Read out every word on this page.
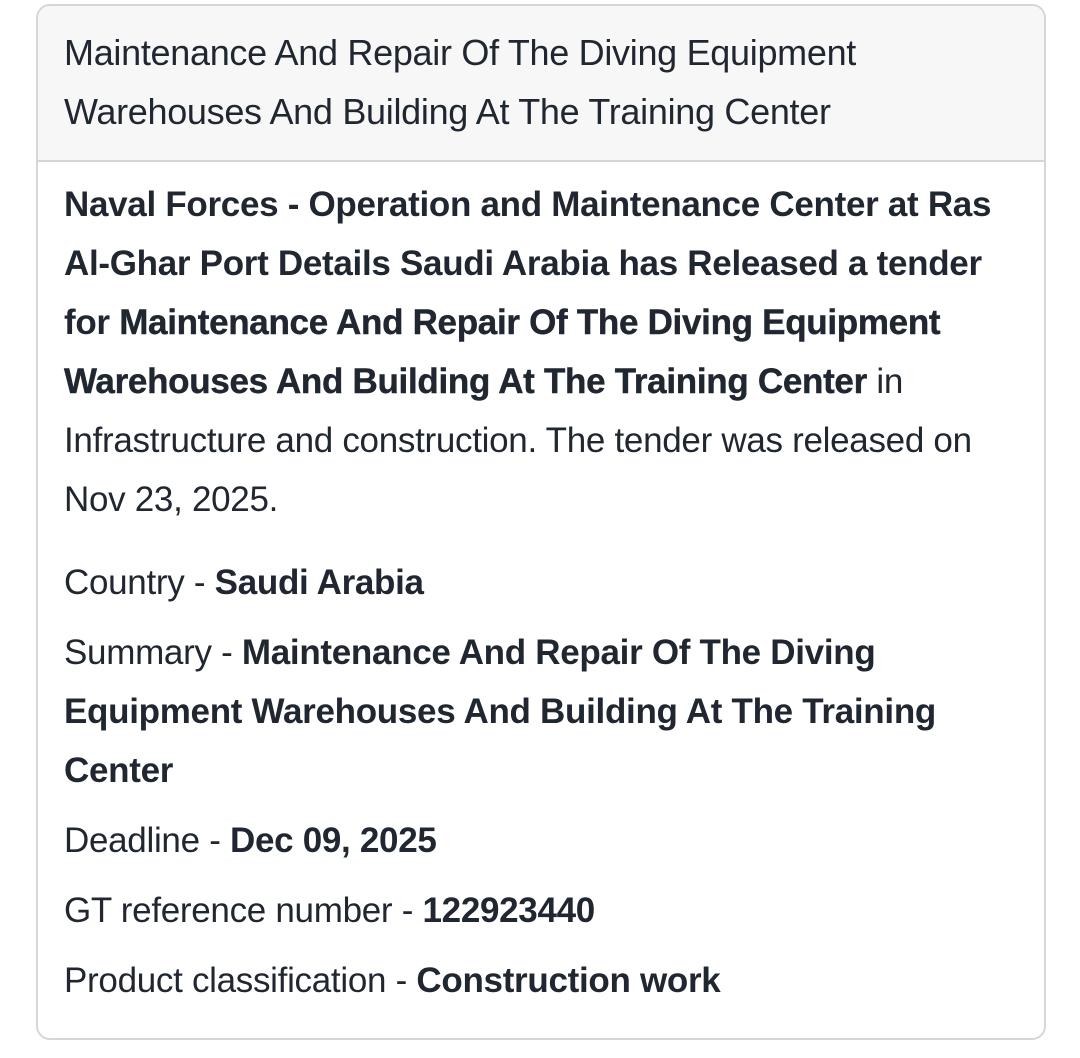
Maintenance And Repair Of The Diving Equipment Warehouses And Building At The Training Center

Naval Forces - Operation and Maintenance Center at Ras Al-Ghar Port Details Saudi Arabia has Released a tender for Maintenance And Repair Of The Diving Equipment Warehouses And Building At The Training Center in Infrastructure and construction. The tender was released on Nov 23, 2025.

Country - Saudi Arabia

Summary - Maintenance And Repair Of The Diving Equipment Warehouses And Building At The Training Center

Deadline - Dec 09, 2025

GT reference number - 122923440

Product classification - Construction work
